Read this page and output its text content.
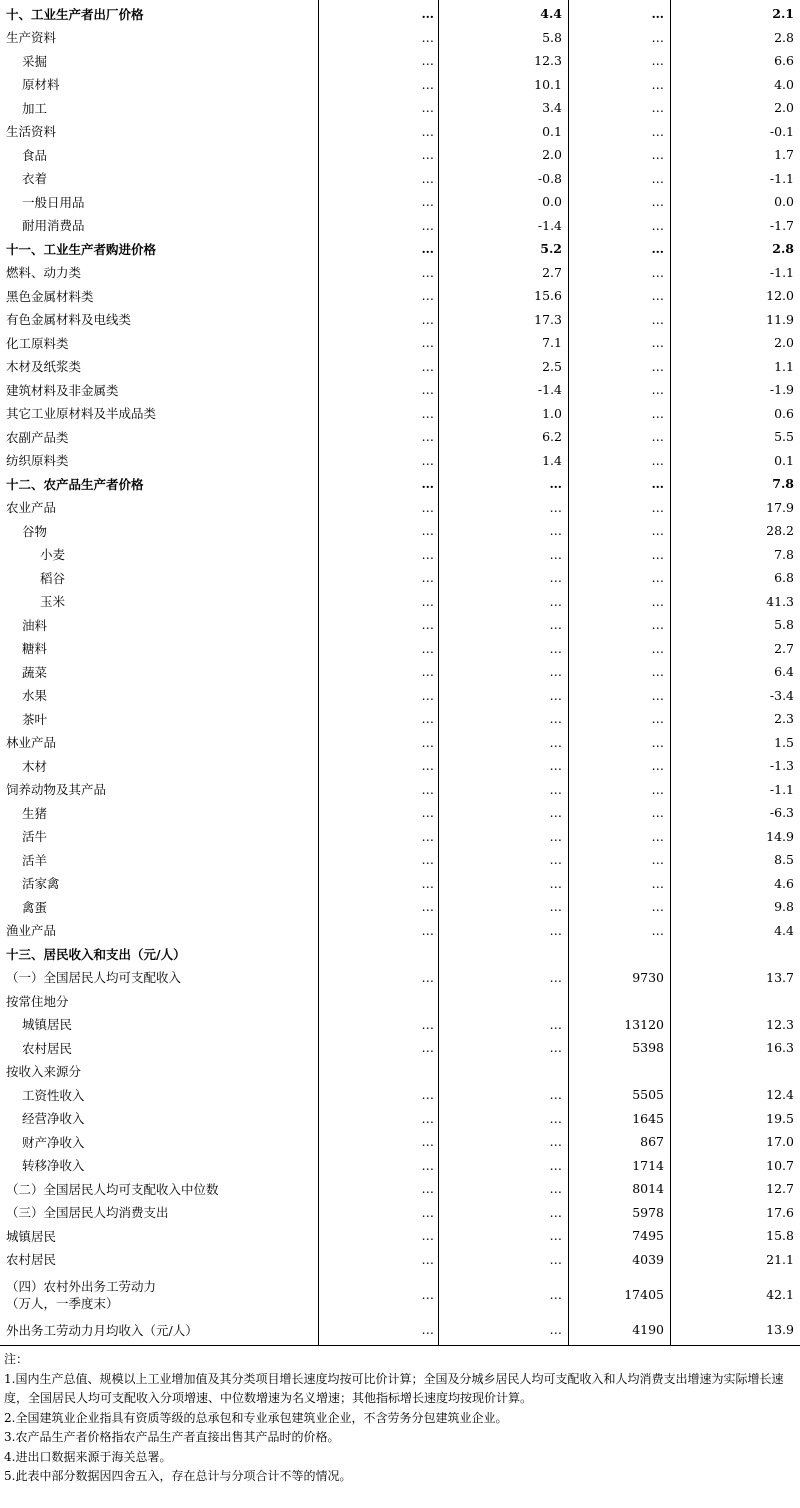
十、工业生产者出厂价格	…	4.4	…	2.1
生产资料	…	5.8	…	2.8
采掘	…	12.3	…	6.6
原材料	…	10.1	…	4.0
加工	…	3.4	…	2.0
生活资料	…	0.1	…	-0.1
食品	…	2.0	…	1.7
衣着	…	-0.8	…	-1.1
一般日用品	…	0.0	…	0.0
耐用消费品	…	-1.4	…	-1.7
十一、工业生产者购进价格	…	5.2	…	2.8
燃料、动力类	…	2.7	…	-1.1
黑色金属材料类	…	15.6	…	12.0
有色金属材料及电线类	…	17.3	…	11.9
化工原料类	…	7.1	…	2.0
木材及纸浆类	…	2.5	…	1.1
建筑材料及非金属类	…	-1.4	…	-1.9
其它工业原材料及半成品类	…	1.0	…	0.6
农副产品类	…	6.2	…	5.5
纺织原料类	…	1.4	…	0.1
十二、农产品生产者价格	…	…	…	7.8
农业产品	…	…	…	17.9
谷物	…	…	…	28.2
小麦	…	…	…	7.8
稻谷	…	…	…	6.8
玉米	…	…	…	41.3
油料	…	…	…	5.8
糖料	…	…	…	2.7
蔬菜	…	…	…	6.4
水果	…	…	…	-3.4
茶叶	…	…	…	2.3
林业产品	…	…	…	1.5
木材	…	…	…	-1.3
饲养动物及其产品	…	…	…	-1.1
生猪	…	…	…	-6.3
活牛	…	…	…	14.9
活羊	…	…	…	8.5
活家禽	…	…	…	4.6
禽蛋	…	…	…	9.8
渔业产品	…	…	…	4.4
十三、居民收入和支出（元/人）
（一）全国居民人均可支配收入	…	…	9730	13.7
按常住地分
城镇居民	…	…	13120	12.3
农村居民	…	…	5398	16.3
按收入来源分
工资性收入	…	…	5505	12.4
经营净收入	…	…	1645	19.5
财产净收入	…	…	867	17.0
转移净收入	…	…	1714	10.7
（二）全国居民人均可支配收入中位数	…	…	8014	12.7
（三）全国居民人均消费支出	…	…	5978	17.6
城镇居民	…	…	7495	15.8
农村居民	…	…	4039	21.1
（四）农村外出务工劳动力
（万人，一季度末）
…	…	17405	42.1
外出务工劳动力月均收入（元/人）	…	…	4190	13.9
注：
1.国内生产总值、规模以上工业增加值及其分类项目增长速度均按可比价计算；全国及分城乡居民人均可支配收入和人均消费支出增速为实际增长速度，全国居民人均可支配收入分项增速、中位数增速为名义增速；其他指标增长速度均按现价计算。
2.全国建筑业企业指具有资质等级的总承包和专业承包建筑业企业，不含劳务分包建筑业企业。
3.农产品生产者价格指农产品生产者直接出售其产品时的价格。
4.进出口数据来源于海关总署。
5.此表中部分数据因四舍五入，存在总计与分项合计不等的情况。
